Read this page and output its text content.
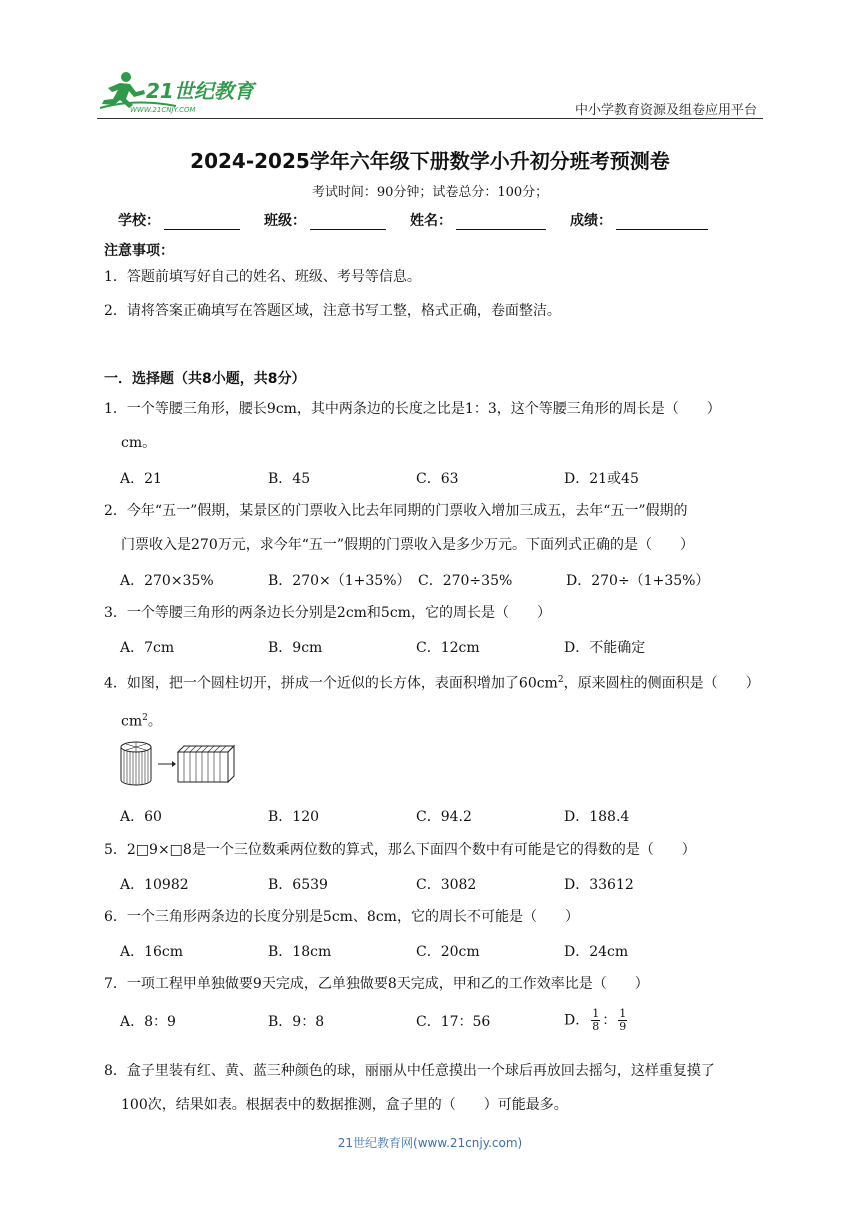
21世纪教育
WWW.21CNJY.COM	中小学教育资源及组卷应用平台
2024-2025学年六年级下册数学小升初分班考预测卷
考试时间：90分钟；试卷总分：100分；
学校：	班级：	姓名：	成绩：
注意事项：
1．答题前填写好自己的姓名、班级、考号等信息。
2．请将答案正确填写在答题区域，注意书写工整，格式正确，卷面整洁。
一．选择题（共8小题，共8分）
1．一个等腰三角形，腰长9cm，其中两条边的长度之比是1：3，这个等腰三角形的周长是（　　）
cm。
A．21	B．45	C．63	D．21或45
2．今年“五一”假期，某景区的门票收入比去年同期的门票收入增加三成五，去年“五一”假期的
门票收入是270万元，求今年“五一”假期的门票收入是多少万元。下面列式正确的是（　　）
A．270×35%	B．270×（1+35%） C．270÷35%	D．270÷（1+35%）
3．一个等腰三角形的两条边长分别是2cm和5cm，它的周长是（　　）
A．7cm	B．9cm	C．12cm	D．不能确定
4．如图，把一个圆柱切开，拼成一个近似的长方体，表面积增加了$60cm^2$，原来圆柱的侧面积是（　　）
$cm^2$。
A．60	B．120	C．94.2	D．188.4
5．2□9×□8是一个三位数乘两位数的算式，那么下面四个数中有可能是它的得数的是（　　）
A．10982	B．6539	C．3082	D．33612
6．一个三角形两条边的长度分别是5cm、8cm，它的周长不可能是（　　）
A．16cm	B．18cm	C．20cm	D．24cm
7．一项工程甲单独做要9天完成，乙单独做要8天完成，甲和乙的工作效率比是（　　）
A．8：9	B．9：8	C．17：56	D． $\frac{1}{8}$ ： $\frac{1}{9}$
8．盒子里装有红、黄、蓝三种颜色的球，丽丽从中任意摸出一个球后再放回去摇匀，这样重复摸了
100次，结果如表。根据表中的数据推测，盒子里的（　　）可能最多。
21世纪教育网(www.21cnjy.com)
